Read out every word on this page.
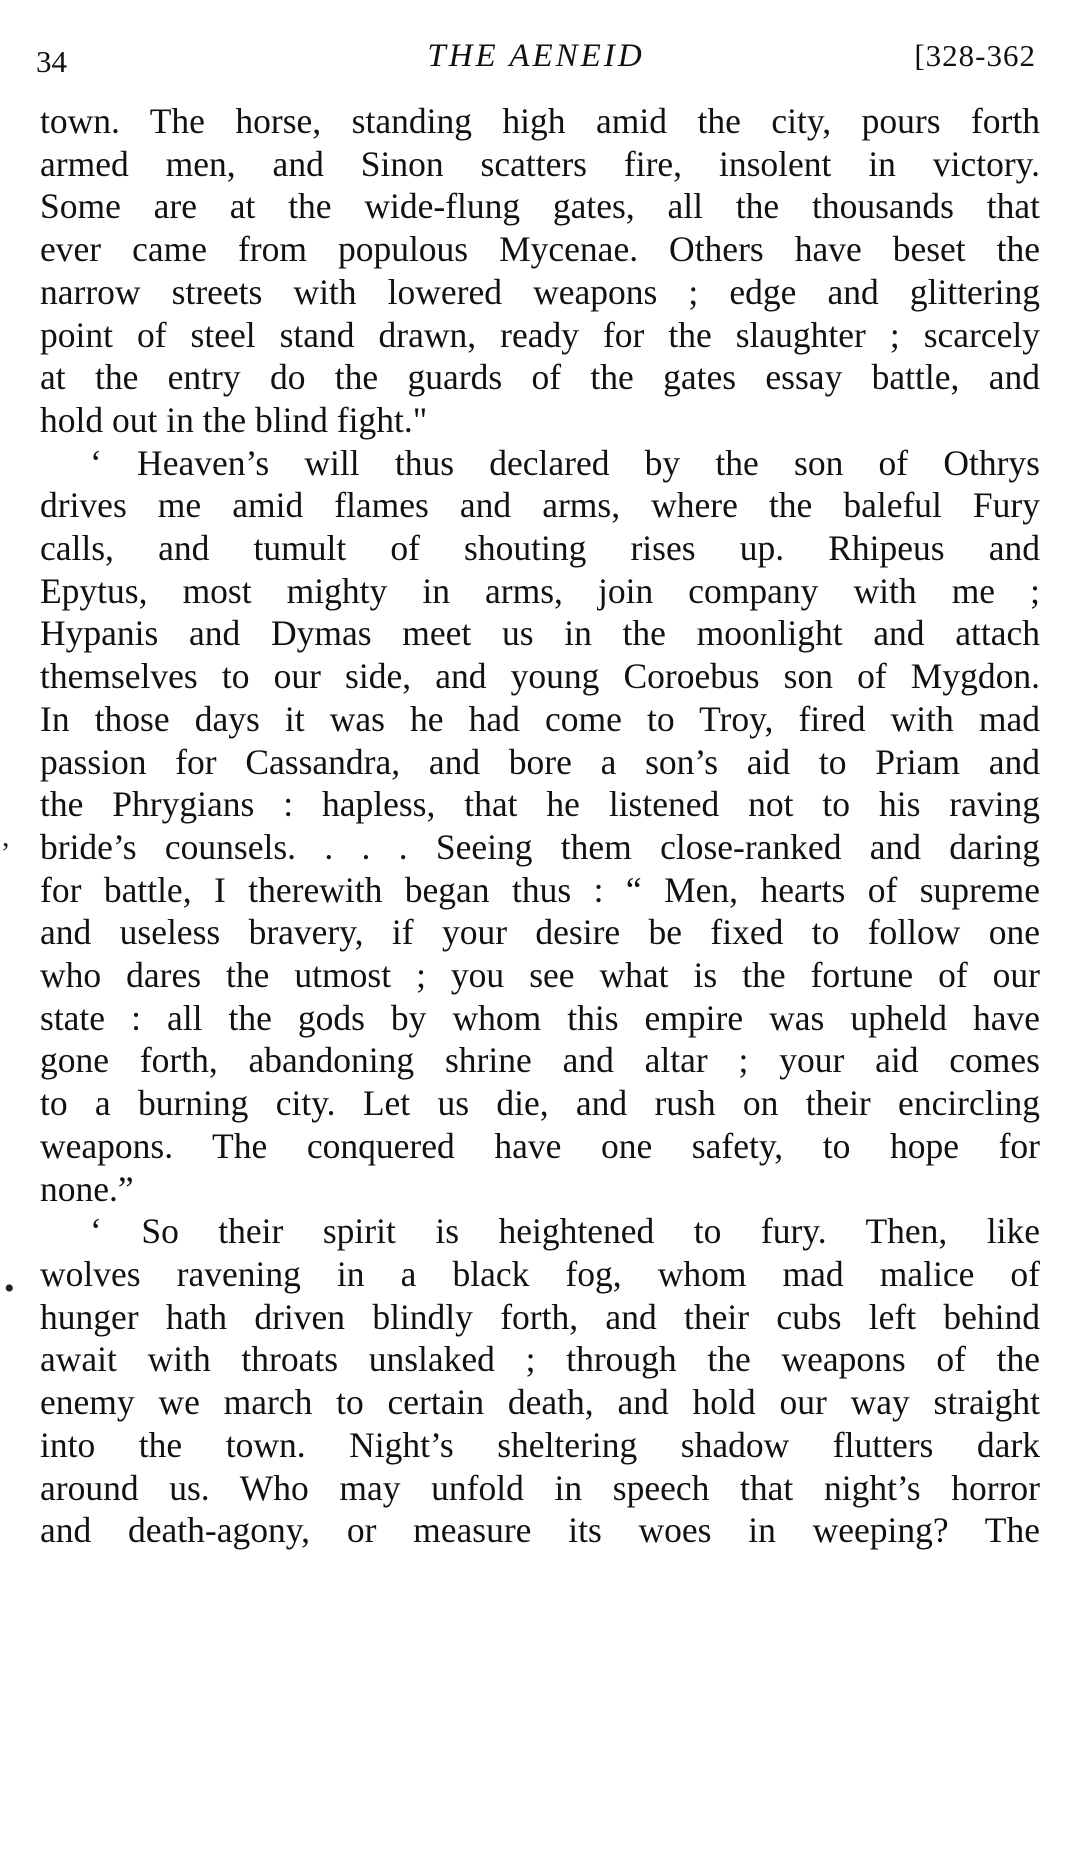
34	THE AENEID	[328-362
town. The horse, standing high amid the city, pours forth
armed men, and Sinon scatters fire, insolent in victory.
Some are at the wide-flung gates, all the thousands that
ever came from populous Mycenae. Others have beset the
narrow streets with lowered weapons ; edge and glittering
point of steel stand drawn, ready for the slaughter ; scarcely
at the entry do the guards of the gates essay battle, and
hold out in the blind fight."
‘ Heaven’s will thus declared by the son of Othrys
drives me amid flames and arms, where the baleful Fury
calls, and tumult of shouting rises up. Rhipeus and
Epytus, most mighty in arms, join company with me ;
Hypanis and Dymas meet us in the moonlight and attach
themselves to our side, and young Coroebus son of Mygdon.
In those days it was he had come to Troy, fired with mad
passion for Cassandra, and bore a son’s aid to Priam and
the Phrygians : hapless, that he listened not to his raving
bride’s counsels. . . . Seeing them close-ranked and daring
for battle, I therewith began thus : “ Men, hearts of supreme
and useless bravery, if your desire be fixed to follow one
who dares the utmost ; you see what is the fortune of our
state : all the gods by whom this empire was upheld have
gone forth, abandoning shrine and altar ; your aid comes
to a burning city. Let us die, and rush on their encircling
weapons. The conquered have one safety, to hope for
none.”
‘ So their spirit is heightened to fury. Then, like
wolves ravening in a black fog, whom mad malice of
hunger hath driven blindly forth, and their cubs left behind
await with throats unslaked ; through the weapons of the
enemy we march to certain death, and hold our way straight
into the town. Night’s sheltering shadow flutters dark
around us. Who may unfold in speech that night’s horror
and death-agony, or measure its woes in weeping? The
,
•
